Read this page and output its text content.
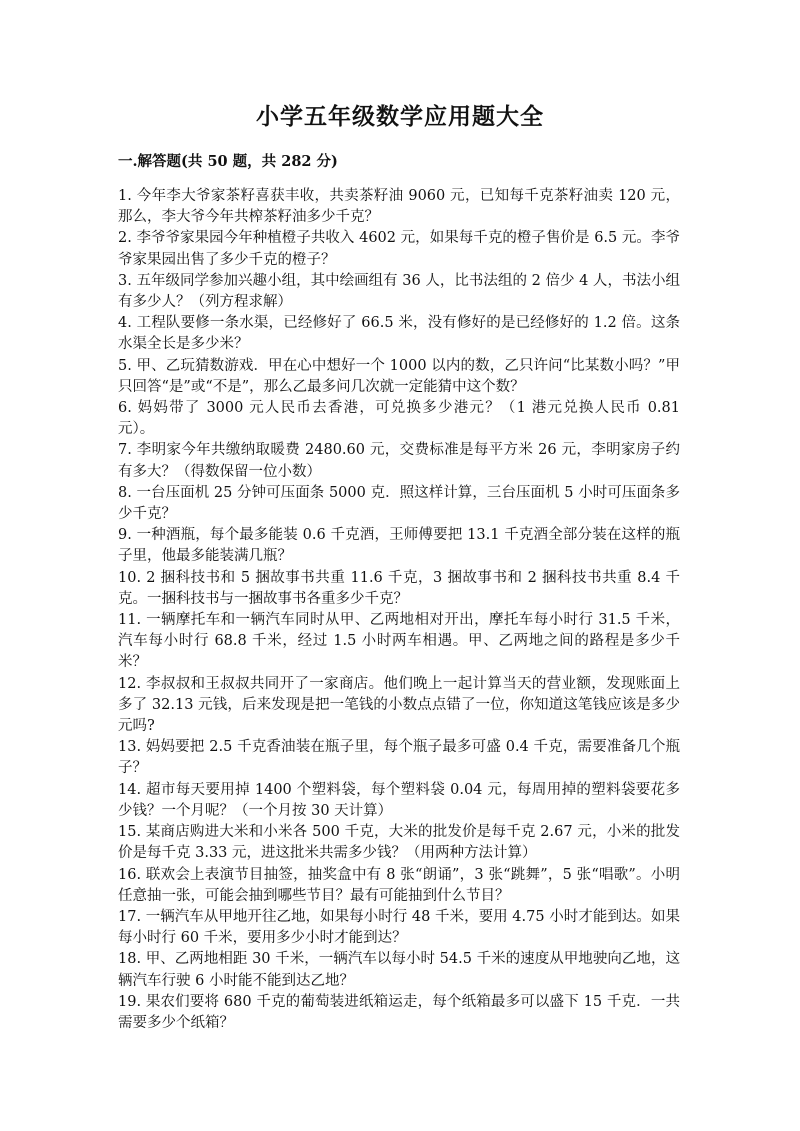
小学五年级数学应用题大全
一.解答题(共 50 题，共 282 分)
1. 今年李大爷家茶籽喜获丰收，共卖茶籽油 9060 元，已知每千克茶籽油卖 120 元，那么，李大爷今年共榨茶籽油多少千克？
2. 李爷爷家果园今年种植橙子共收入 4602 元，如果每千克的橙子售价是 6.5 元。李爷爷家果园出售了多少千克的橙子？
3. 五年级同学参加兴趣小组，其中绘画组有 36 人，比书法组的 2 倍少 4 人，书法小组有多少人？（列方程求解）
4. 工程队要修一条水渠，已经修好了 66.5 米，没有修好的是已经修好的 1.2 倍。这条水渠全长是多少米？
5. 甲、乙玩猜数游戏．甲在心中想好一个 1000 以内的数，乙只许问“比某数小吗？”甲只回答“是”或“不是”，那么乙最多问几次就一定能猜中这个数？
6. 妈妈带了 3000 元人民币去香港，可兑换多少港元？（1 港元兑换人民币 0.81 元）。
7. 李明家今年共缴纳取暖费 2480.60 元，交费标准是每平方米 26 元，李明家房子约有多大？（得数保留一位小数）
8. 一台压面机 25 分钟可压面条 5000 克．照这样计算，三台压面机 5 小时可压面条多少千克？
9. 一种酒瓶，每个最多能装 0.6 千克酒，王师傅要把 13.1 千克酒全部分装在这样的瓶子里，他最多能装满几瓶？
10. 2 捆科技书和 5 捆故事书共重 11.6 千克，3 捆故事书和 2 捆科技书共重 8.4 千克。一捆科技书与一捆故事书各重多少千克？
11. 一辆摩托车和一辆汽车同时从甲、乙两地相对开出，摩托车每小时行 31.5 千米，汽车每小时行 68.8 千米，经过 1.5 小时两车相遇。甲、乙两地之间的路程是多少千米？
12. 李叔叔和王叔叔共同开了一家商店。他们晚上一起计算当天的营业额，发现账面上多了 32.13 元钱，后来发现是把一笔钱的小数点点错了一位，你知道这笔钱应该是多少元吗?
13. 妈妈要把 2.5 千克香油装在瓶子里，每个瓶子最多可盛 0.4 千克，需要准备几个瓶子？
14. 超市每天要用掉 1400 个塑料袋，每个塑料袋 0.04 元，每周用掉的塑料袋要花多少钱？一个月呢？（一个月按 30 天计算）
15. 某商店购进大米和小米各 500 千克，大米的批发价是每千克 2.67 元，小米的批发价是每千克 3.33 元，进这批米共需多少钱？（用两种方法计算）
16. 联欢会上表演节目抽签，抽奖盒中有 8 张“朗诵”，3 张“跳舞”，5 张“唱歌”。小明任意抽一张，可能会抽到哪些节目？最有可能抽到什么节目？
17. 一辆汽车从甲地开往乙地，如果每小时行 48 千米，要用 4.75 小时才能到达。如果每小时行 60 千米，要用多少小时才能到达？
18. 甲、乙两地相距 30 千米，一辆汽车以每小时 54.5 千米的速度从甲地驶向乙地，这辆汽车行驶 6 小时能不能到达乙地？
19. 果农们要将 680 千克的葡萄装进纸箱运走，每个纸箱最多可以盛下 15 千克．一共需要多少个纸箱？
